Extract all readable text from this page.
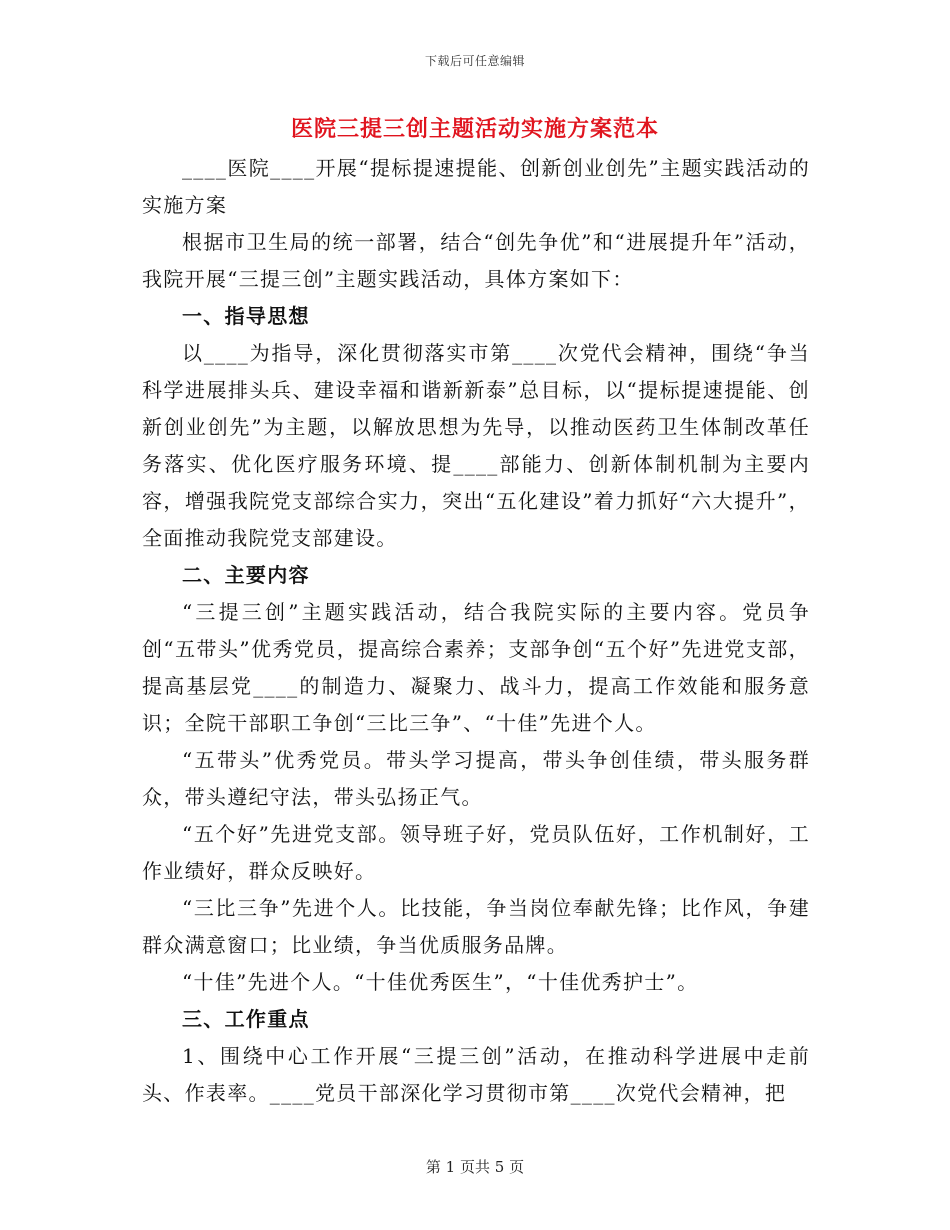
下载后可任意编辑
医院三提三创主题活动实施方案范本

____医院____开展“提标提速提能、创新创业创先”主题实践活动的实施方案

根据市卫生局的统一部署，结合“创先争优”和“进展提升年”活动，我院开展“三提三创”主题实践活动，具体方案如下：

一、指导思想

以____为指导，深化贯彻落实市第____次党代会精神，围绕“争当科学进展排头兵、建设幸福和谐新新泰”总目标，以“提标提速提能、创新创业创先”为主题，以解放思想为先导，以推动医药卫生体制改革任务落实、优化医疗服务环境、提____部能力、创新体制机制为主要内容，增强我院党支部综合实力，突出“五化建设”着力抓好“六大提升”，全面推动我院党支部建设。

二、主要内容

“三提三创”主题实践活动，结合我院实际的主要内容。党员争创“五带头”优秀党员，提高综合素养；支部争创“五个好”先进党支部，提高基层党____的制造力、凝聚力、战斗力，提高工作效能和服务意识；全院干部职工争创“三比三争”、“十佳”先进个人。

“五带头”优秀党员。带头学习提高，带头争创佳绩，带头服务群众，带头遵纪守法，带头弘扬正气。

“五个好”先进党支部。领导班子好，党员队伍好，工作机制好，工作业绩好，群众反映好。

“三比三争”先进个人。比技能，争当岗位奉献先锋；比作风，争建群众满意窗口；比业绩，争当优质服务品牌。

“十佳”先进个人。“十佳优秀医生”，“十佳优秀护士”。

三、工作重点

1、围绕中心工作开展“三提三创”活动，在推动科学进展中走前头、作表率。____党员干部深化学习贯彻市第____次党代会精神，把

第 1 页共 5 页
